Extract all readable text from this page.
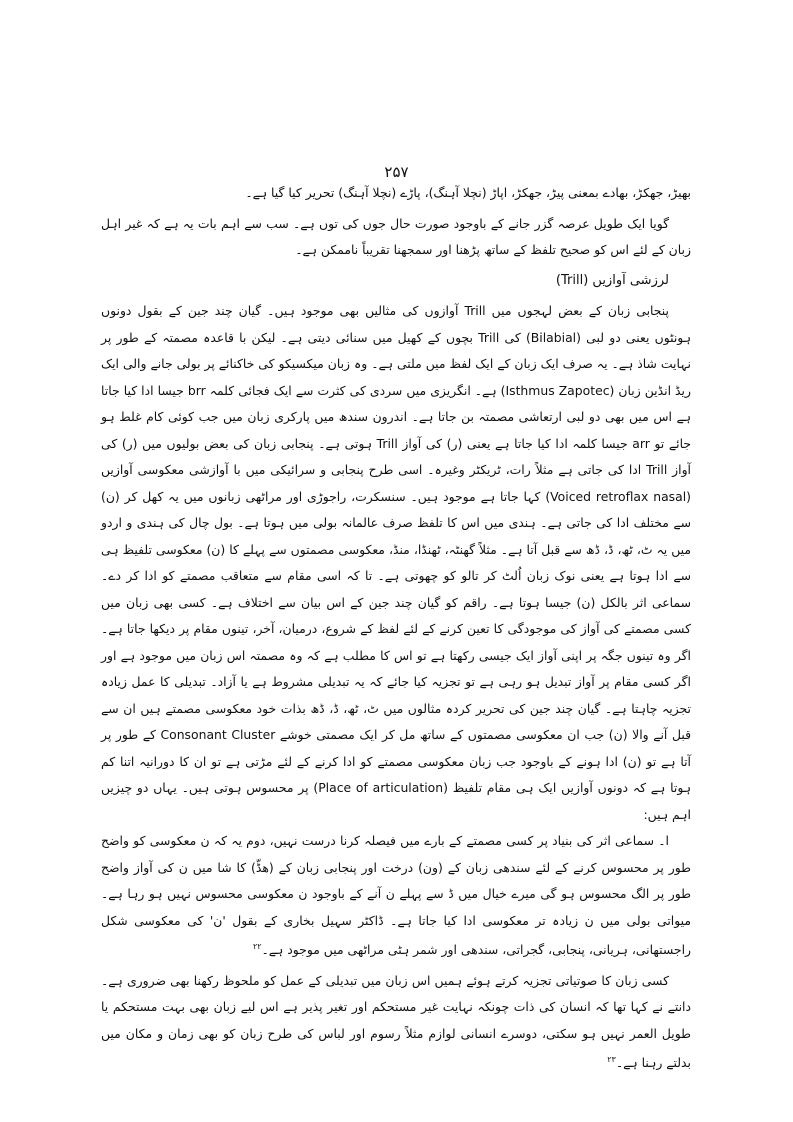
۲۵۷

بھیڑ، جھکڑ، بھادے بمعنی پیڑ، جھکڑ، اپاڑ (نچلا آہنگ)، پاڑے (نچلا آہنگ) تحریر کیا گیا ہے۔

گویا ایک طویل عرصہ گزر جانے کے باوجود صورت حال جوں کی توں ہے۔ سب سے اہم بات یہ ہے کہ غیر اہل زبان کے لئے اس کو صحیح تلفظ کے ساتھ پڑھنا اور سمجھنا تقریباً ناممکن ہے۔

لرزشی آوازیں (Trill)

پنجابی زبان کے بعض لہجوں میں Trill آوازوں کی مثالیں بھی موجود ہیں۔ گیان چند جین کے بقول دونوں ہونٹوں یعنی دو لبی (Bilabial) کی Trill بچوں کے کھیل میں سنائی دیتی ہے۔ لیکن با قاعدہ مصمتہ کے طور پر نہایت شاذ ہے۔ یہ صرف ایک زبان کے ایک لفظ میں ملتی ہے۔ وہ زبان میکسیکو کی خاکنائے پر بولی جانے والی ایک ریڈ انڈین زبان (Isthmus Zapotec) ہے۔ انگریزی میں سردی کی کثرت سے ایک فجائی کلمہ brr جیسا ادا کیا جاتا ہے اس میں بھی دو لبی ارتعاشی مصمتہ بن جاتا ہے۔ اندرون سندھ میں پارکری زبان میں جب کوئی کام غلط ہو جائے تو arr جیسا کلمہ ادا کیا جاتا ہے یعنی (ر) کی آواز Trill ہوتی ہے۔ پنجابی زبان کی بعض بولیوں میں (ر) کی آواز Trill ادا کی جاتی ہے مثلاً رات، ٹریکٹر وغیرہ۔ اسی طرح پنجابی و سرائیکی میں با آوازشی معکوسی آوازیں (Voiced retroflax nasal) کہا جاتا ہے موجود ہیں۔ سنسکرت، راجوڑی اور مراٹھی زبانوں میں یہ کھل کر (ن) سے مختلف ادا کی جاتی ہے۔ ہندی میں اس کا تلفظ صرف عالمانہ بولی میں ہوتا ہے۔ بول چال کی ہندی و اردو میں یہ ٹ، ٹھ، ڈ، ڈھ سے قبل آتا ہے۔ مثلاً گھنٹہ، ٹھنڈا، منڈ، معکوسی مصمتوں سے پہلے کا (ن) معکوسی تلفیظ ہی سے ادا ہوتا ہے یعنی نوک زبان اُلٹ کر تالو کو چھوتی ہے۔ تا کہ اسی مقام سے متعاقب مصمتے کو ادا کر دے۔ سماعی اثر بالکل (ن) جیسا ہوتا ہے۔ راقم کو گیان چند جین کے اس بیان سے اختلاف ہے۔ کسی بھی زبان میں کسی مصمتے کی آواز کی موجودگی کا تعین کرنے کے لئے لفظ کے شروع، درمیان، آخر، تینوں مقام پر دیکھا جاتا ہے۔ اگر وہ تینوں جگہ پر اپنی آواز ایک جیسی رکھتا ہے تو اس کا مطلب ہے کہ وہ مصمتہ اس زبان میں موجود ہے اور اگر کسی مقام پر آواز تبدیل ہو رہی ہے تو تجزیہ کیا جائے کہ یہ تبدیلی مشروط ہے یا آزاد۔ تبدیلی کا عمل زیادہ تجزیہ چاہتا ہے۔ گیان چند جین کی تحریر کردہ مثالوں میں ٹ، ٹھ، ڈ، ڈھ بذات خود معکوسی مصمتے ہیں ان سے قبل آنے والا (ن) جب ان معکوسی مصمتوں کے ساتھ مل کر ایک مصمتی خوشے Consonant Cluster کے طور پر آتا ہے تو (ن) ادا ہونے کے باوجود جب زبان معکوسی مصمتے کو ادا کرنے کے لئے مڑتی ہے تو ان کا دورانیہ اتنا کم ہوتا ہے کہ دونوں آوازیں ایک ہی مقام تلفیظ (Place of articulation) پر محسوس ہوتی ہیں۔ یہاں دو چیزیں اہم ہیں:

ا۔ سماعی اثر کی بنیاد پر کسی مصمتے کے بارے میں فیصلہ کرنا درست نہیں، دوم یہ کہ ن معکوسی کو واضح طور پر محسوس کرنے کے لئے سندھی زبان کے (ون) درخت اور پنجابی زبان کے (ھڈّ) کا شا میں ن کی آواز واضح طور پر الگ محسوس ہو گی میرے خیال میں ڈ سے پہلے ن آنے کے باوجود ن معکوسی محسوس نہیں ہو رہا ہے۔ میواتی بولی میں ن زیادہ تر معکوسی ادا کیا جاتا ہے۔ ڈاکٹر سہیل بخاری کے بقول 'ن' کی معکوسی شکل راجستھانی، ہریانی، پنجابی، گجراتی، سندھی اور شمر ہٹی مراٹھی میں موجود ہے۔$^{۲۲}$

کسی زبان کا صوتیاتی تجزیہ کرتے ہوئے ہمیں اس زبان میں تبدیلی کے عمل کو ملحوظ رکھنا بھی ضروری ہے۔ دانتے نے کہا تھا کہ انسان کی ذات چونکہ نہایت غیر مستحکم اور تغیر پذیر ہے اس لیے زبان بھی بہت مستحکم یا طویل العمر نہیں ہو سکتی، دوسرے انسانی لوازم مثلاً رسوم اور لباس کی طرح زبان کو بھی زمان و مکان میں بدلتے رہنا ہے۔$^{۲۳}$
